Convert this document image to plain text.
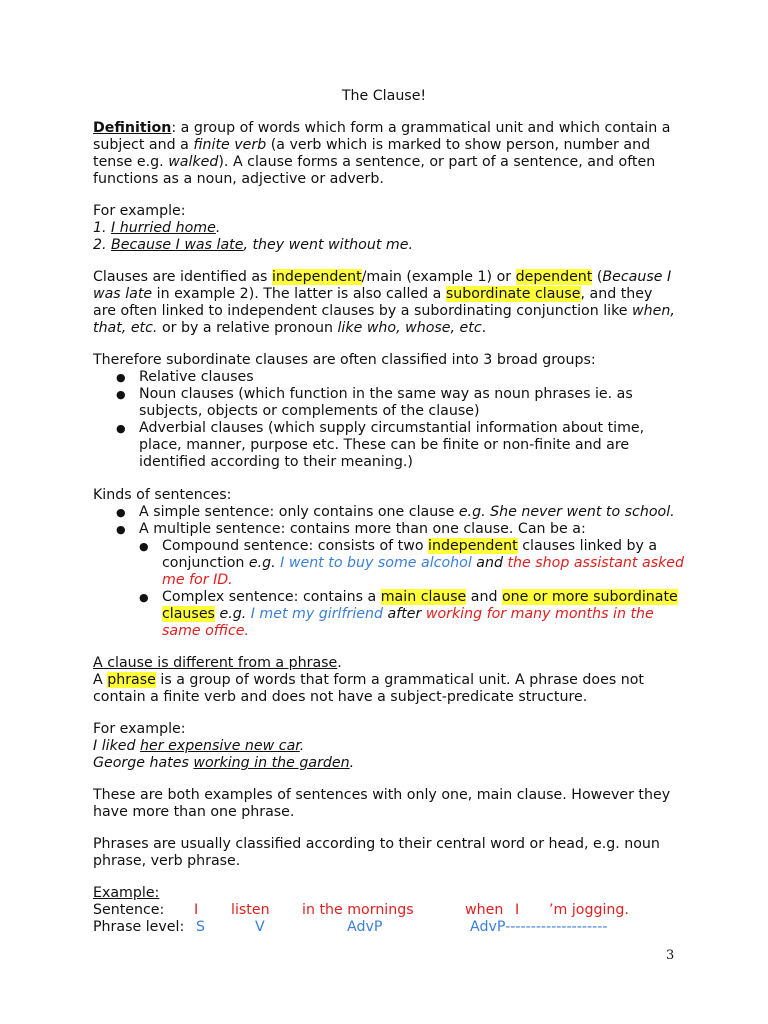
The Clause!
Definition: a group of words which form a grammatical unit and which contain a
subject and a finite verb (a verb which is marked to show person, number and
tense e.g. walked). A clause forms a sentence, or part of a sentence, and often
functions as a noun, adjective or adverb.
For example:
1. I hurried home.
2. Because I was late, they went without me.
Clauses are identified as independent/main (example 1) or dependent (Because I
was late in example 2). The latter is also called a subordinate clause, and they
are often linked to independent clauses by a subordinating conjunction like when,
that, etc. or by a relative pronoun like who, whose, etc.
Therefore subordinate clauses are often classified into 3 broad groups:
● Relative clauses
● Noun clauses (which function in the same way as noun phrases ie. as
subjects, objects or complements of the clause)
● Adverbial clauses (which supply circumstantial information about time,
place, manner, purpose etc. These can be finite or non-finite and are
identified according to their meaning.)
Kinds of sentences:
● A simple sentence: only contains one clause e.g. She never went to school.
● A multiple sentence: contains more than one clause. Can be a:
● Compound sentence: consists of two independent clauses linked by a
conjunction e.g. I went to buy some alcohol and the shop assistant asked
me for ID.
● Complex sentence: contains a main clause and one or more subordinate
clauses e.g. I met my girlfriend after working for many months in the
same office.
A clause is different from a phrase.
A phrase is a group of words that form a grammatical unit. A phrase does not
contain a finite verb and does not have a subject-predicate structure.
For example:
I liked her expensive new car.
George hates working in the garden.
These are both examples of sentences with only one, main clause. However they
have more than one phrase.
Phrases are usually classified according to their central word or head, e.g. noun
phrase, verb phrase.
Example:
Sentence: I listen in the mornings	when I ’m jogging.
Phrase level: S	V	AdvP	AdvP--------------------
3
